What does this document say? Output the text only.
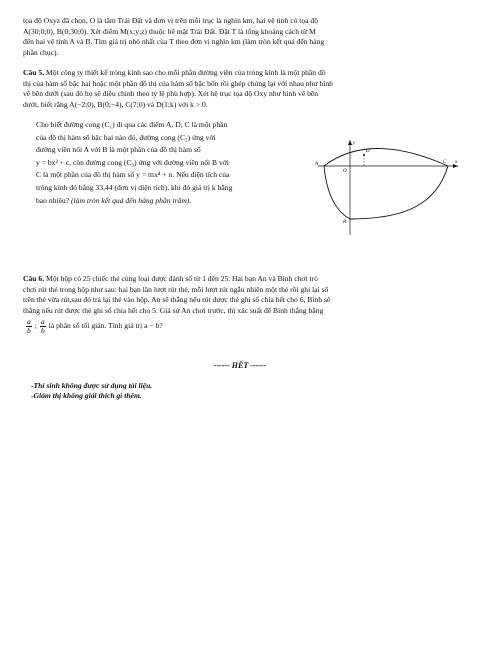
tọa độ Oxyz đã chọn, O là tâm Trái Đất và đơn vị trên mỗi trục là nghìn km, hai vệ tinh có tọa độ
A(30;0;0), B(0;30;0). Xét điểm M(x;y;z) thuộc bề mặt Trái Đất. Đặt T là tổng khoảng cách từ M
đến hai vệ tinh A và B. Tìm giá trị nhỏ nhất của T theo đơn vị nghìn km (làm tròn kết quả đến hàng
phần chục).
Câu 5. Một công ty thiết kế tròng kính sao cho mỗi phần đường viền của tròng kính là một phần đồ
thị của hàm số bậc hai hoặc một phần đồ thị của hàm số bậc bốn rồi ghép chúng lại với nhau như hình
vẽ bên dưới (sau đó họ sẽ điều chỉnh theo tỷ lệ phù hợp). Xét hệ trục tọa độ Oxy như hình vẽ bên
dưới, biết rằng A(−2;0), B(0;−4), C(7;0) và D(1;k) với k > 0.
Cho biết đường cong (C₁) đi qua các điểm A, D, C là một phần
của đồ thị hàm số bậc hai nào đó, đường cong (C₂) ứng với
đường viền nối A với B là một phần của đồ thị hàm số
y = bx² + c, còn đường cong (C₃) ứng với đường viền nối B với
C là một phần của đồ thị hàm số y = mx⁴ + n. Nếu diện tích của
tròng kính đó bằng 33,44 (đơn vị diện tích), khi đó giá trị k bằng
bao nhiêu? (làm tròn kết quả đến hàng phần trăm).
D
A	C x
y
O
B
Câu 6. Một hộp có 25 chiếc thẻ cùng loại được đánh số từ 1 đến 25. Hai bạn An và Bình chơi trò
chơi rút thẻ trong hộp như sau: hai bạn lần lượt rút thẻ, mỗi lượt rút ngẫu nhiên một thẻ rồi ghi lại số
trên thẻ vừa rút,sau đó trả lại thẻ vào hộp. An sẽ thắng nếu rút được thẻ ghi số chia hết cho 6, Bình sẽ
thắng nếu rút được thẻ ghi số chia hết cho 5. Giả sử An chơi trước, thì xác suất để Bình thắng bằng
$\frac{a}{b}$ ; $\frac{a}{b}$ là phân số tối giản. Tính giá trị a − b?
------ HẾT ------
-Thí sinh không được sử dụng tài liệu.
-Giám thị không giải thích gì thêm.
